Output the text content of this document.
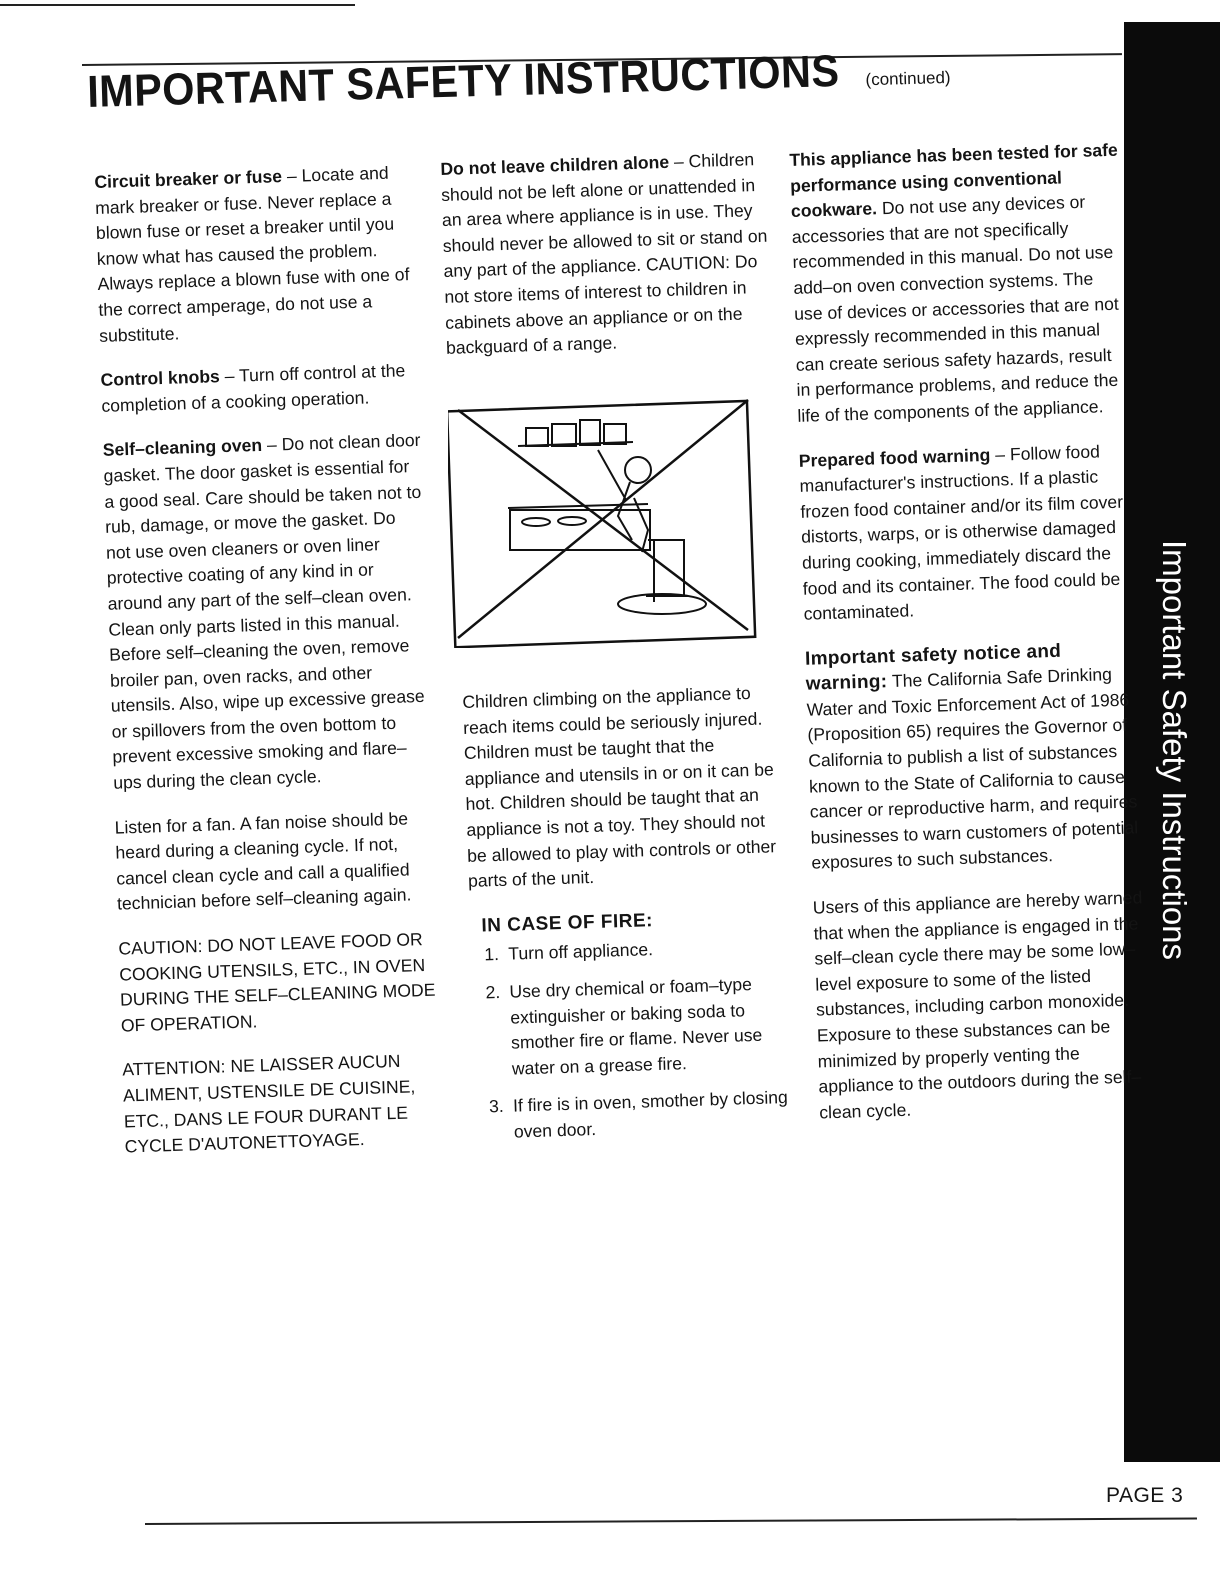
Important Safety Instructions
IMPORTANT SAFETY INSTRUCTIONS (continued)

Circuit breaker or fuse – Locate and mark breaker or fuse. Never replace a blown fuse or reset a breaker until you know what has caused the problem. Always replace a blown fuse with one of the correct amperage, do not use a substitute.

Control knobs – Turn off control at the completion of a cooking operation.

Self–cleaning oven – Do not clean door gasket. The door gasket is essential for a good seal. Care should be taken not to rub, damage, or move the gasket. Do not use oven cleaners or oven liner protective coating of any kind in or around any part of the self–clean oven. Clean only parts listed in this manual. Before self–cleaning the oven, remove broiler pan, oven racks, and other utensils. Also, wipe up excessive grease or spillovers from the oven bottom to prevent excessive smoking and flare–ups during the clean cycle.

Listen for a fan. A fan noise should be heard during a cleaning cycle. If not, cancel clean cycle and call a qualified technician before self–cleaning again.

CAUTION: DO NOT LEAVE FOOD OR COOKING UTENSILS, ETC., IN OVEN DURING THE SELF–CLEANING MODE OF OPERATION.

ATTENTION: NE LAISSER AUCUN ALIMENT, USTENSILE DE CUISINE, ETC., DANS LE FOUR DURANT LE CYCLE D'AUTONETTOYAGE.

Do not leave children alone – Children should not be left alone or unattended in an area where appliance is in use. They should never be allowed to sit or stand on any part of the appliance. CAUTION: Do not store items of interest to children in cabinets above an appliance or on the backguard of a range.

Children climbing on the appliance to reach items could be seriously injured. Children must be taught that the appliance and utensils in or on it can be hot. Children should be taught that an appliance is not a toy. They should not be allowed to play with controls or other parts of the unit.

IN CASE OF FIRE:
1. Turn off appliance.
2. Use dry chemical or foam–type extinguisher or baking soda to smother fire or flame. Never use water on a grease fire.
3. If fire is in oven, smother by closing oven door.

This appliance has been tested for safe performance using conventional cookware. Do not use any devices or accessories that are not specifically recommended in this manual. Do not use add–on oven convection systems. The use of devices or accessories that are not expressly recommended in this manual can create serious safety hazards, result in performance problems, and reduce the life of the components of the appliance.

Prepared food warning – Follow food manufacturer's instructions. If a plastic frozen food container and/or its film cover distorts, warps, or is otherwise damaged during cooking, immediately discard the food and its container. The food could be contaminated.

Important safety notice and warning: The California Safe Drinking Water and Toxic Enforcement Act of 1986 (Proposition 65) requires the Governor of California to publish a list of substances known to the State of California to cause cancer or reproductive harm, and requires businesses to warn customers of potential exposures to such substances.

Users of this appliance are hereby warned that when the appliance is engaged in the self–clean cycle there may be some low–level exposure to some of the listed substances, including carbon monoxide. Exposure to these substances can be minimized by properly venting the appliance to the outdoors during the self–clean cycle.

PAGE 3
